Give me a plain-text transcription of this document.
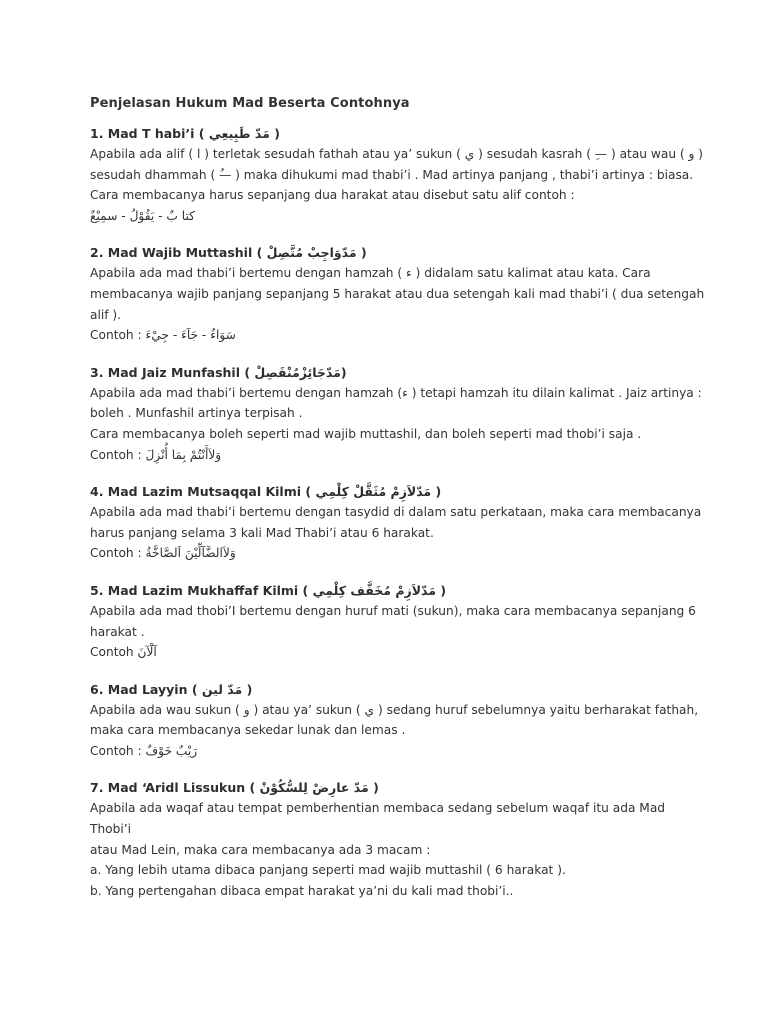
Penjelasan Hukum Mad Beserta Contohnya
1. Mad T habi’i ( مَدّ طَبِيعِي )
Apabila ada alif ( ا ) terletak sesudah fathah atau ya’ sukun ( ي ) sesudah kasrah ( —ِ ) atau wau ( و )
sesudah dhammah ( —ُ ) maka dihukumi mad thabi’i . Mad artinya panjang , thabi’i artinya : biasa.
Cara membacanya harus sepanjang dua harakat atau disebut satu alif contoh :
كتا بٌ - يَقُوْلُ - سمِيْعٌ
2. Mad Wajib Muttashil ( مَدّوَاجِبْ مُتَّصِلْ )
Apabila ada mad thabi’i bertemu dengan hamzah ( ء ) didalam satu kalimat atau kata. Cara
membacanya wajib panjang sepanjang 5 harakat atau dua setengah kali mad thabi’i ( dua setengah
alif ).
Contoh : سَوَاءٌ - جَآءَ - جِيْءَ
3. Mad Jaiz Munfashil ( مَدّجَائِزْمُنْفَصِلْ)
Apabila ada mad thabi’i bertemu dengan hamzah (ء ) tetapi hamzah itu dilain kalimat . Jaiz artinya :
boleh . Munfashil artinya terpisah .
Cara membacanya boleh seperti mad wajib muttashil, dan boleh seperti mad thobi’i saja .
Contoh : وَلاَأَنْتُمْ بِمَا أُنْزِلَ
4. Mad Lazim Mutsaqqal Kilmi ( مَدّلاَزِمْ مُثَقَّلْ كِلْمِي )
Apabila ada mad thabi’i bertemu dengan tasydid di dalam satu perkataan, maka cara membacanya
harus panjang selama 3 kali Mad Thabi’i atau 6 harakat.
Contoh : وَلاَالضَّآلِّيْنَ اَلصَّاخَّةُ
5. Mad Lazim Mukhaffaf Kilmi ( مَدّلاَزِمْ مُخَفَّف كِلْمِي )
Apabila ada mad thobi’I bertemu dengan huruf mati (sukun), maka cara membacanya sepanjang 6
harakat .
Contoh آلْآنَ
6. Mad Layyin ( مَدّ لين )
Apabila ada wau sukun ( و ) atau ya’ sukun ( ي ) sedang huruf sebelumnya yaitu berharakat fathah,
maka cara membacanya sekedar lunak dan lemas .
Contoh : رَيْبٌ خَوْفٌ
7. Mad ‘Aridl Lissukun ( مَدّ عارِضْ لِلسُّكُوْنْ )
Apabila ada waqaf atau tempat pemberhentian membaca sedang sebelum waqaf itu ada Mad Thobi’i
atau Mad Lein, maka cara membacanya ada 3 macam :
a. Yang lebih utama dibaca panjang seperti mad wajib muttashil ( 6 harakat ).
b. Yang pertengahan dibaca empat harakat ya’ni du kali mad thobi’i..
